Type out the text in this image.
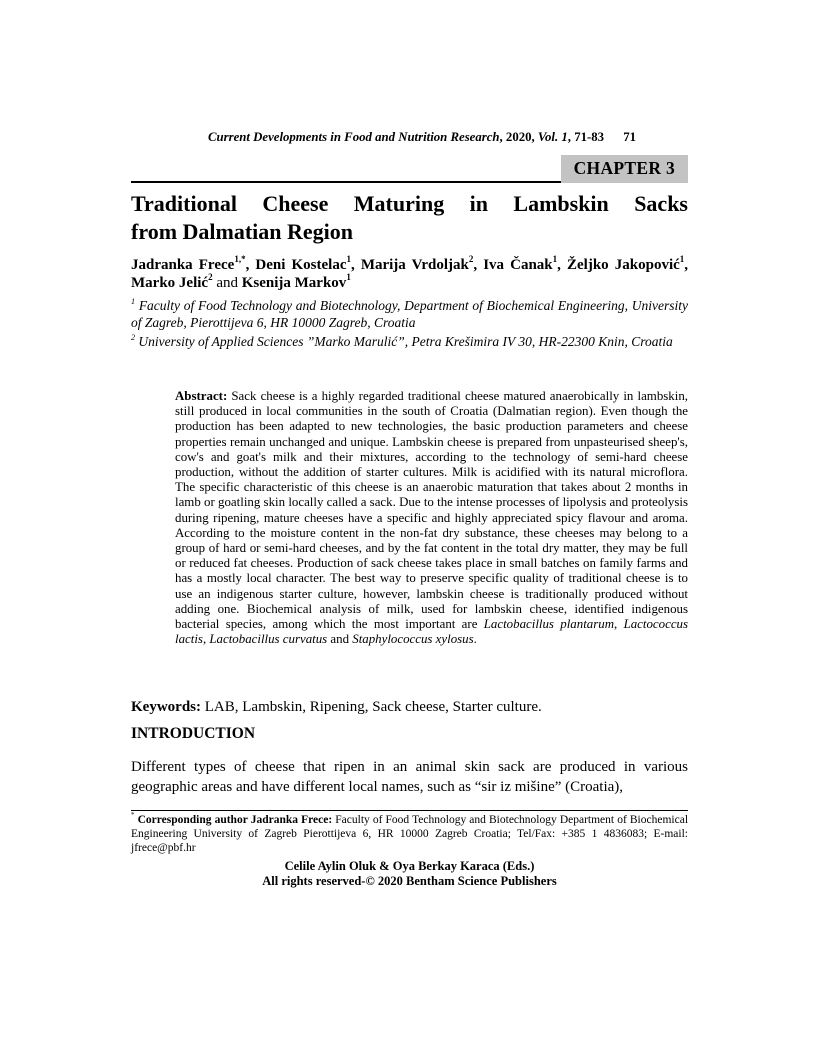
Current Developments in Food and Nutrition Research, 2020, Vol. 1, 71-83 71
CHAPTER 3
Traditional Cheese Maturing in Lambskin Sacks
from Dalmatian Region
Jadranka Frece$^{1,*}$, Deni Kostelac$^1$, Marija Vrdoljak$^2$, Iva Čanak$^1$, Željko Jakopović$^1$, Marko Jelić$^2$ and Ksenija Markov$^1$
$^1$ Faculty of Food Technology and Biotechnology, Department of Biochemical Engineering, University of Zagreb, Pierottijeva 6, HR 10000 Zagreb, Croatia
$^2$ University of Applied Sciences ”Marko Marulić”, Petra Krešimira IV 30, HR-22300 Knin, Croatia
Abstract: Sack cheese is a highly regarded traditional cheese matured anaerobically in lambskin, still produced in local communities in the south of Croatia (Dalmatian region). Even though the production has been adapted to new technologies, the basic production parameters and cheese properties remain unchanged and unique. Lambskin cheese is prepared from unpasteurised sheep's, cow's and goat's milk and their mixtures, according to the technology of semi-hard cheese production, without the addition of starter cultures. Milk is acidified with its natural microflora. The specific characteristic of this cheese is an anaerobic maturation that takes about 2 months in lamb or goatling skin locally called a sack. Due to the intense processes of lipolysis and proteolysis during ripening, mature cheeses have a specific and highly appreciated spicy flavour and aroma. According to the moisture content in the non-fat dry substance, these cheeses may belong to a group of hard or semi-hard cheeses, and by the fat content in the total dry matter, they may be full or reduced fat cheeses. Production of sack cheese takes place in small batches on family farms and has a mostly local character. The best way to preserve specific quality of traditional cheese is to use an indigenous starter culture, however, lambskin cheese is traditionally produced without adding one. Biochemical analysis of milk, used for lambskin cheese, identified indigenous bacterial species, among which the most important are Lactobacillus plantarum, Lactococcus lactis, Lactobacillus curvatus and Staphylococcus xylosus.
Keywords: LAB, Lambskin, Ripening, Sack cheese, Starter culture.
INTRODUCTION
Different types of cheese that ripen in an animal skin sack are produced in various geographic areas and have different local names, such as “sir iz mišine” (Croatia),
* Corresponding author Jadranka Frece: Faculty of Food Technology and Biotechnology Department of Biochemical Engineering University of Zagreb Pierottijeva 6, HR 10000 Zagreb Croatia; Tel/Fax: +385 1 4836083; E-mail: jfrece@pbf.hr
Celile Aylin Oluk & Oya Berkay Karaca (Eds.)
All rights reserved-© 2020 Bentham Science Publishers
